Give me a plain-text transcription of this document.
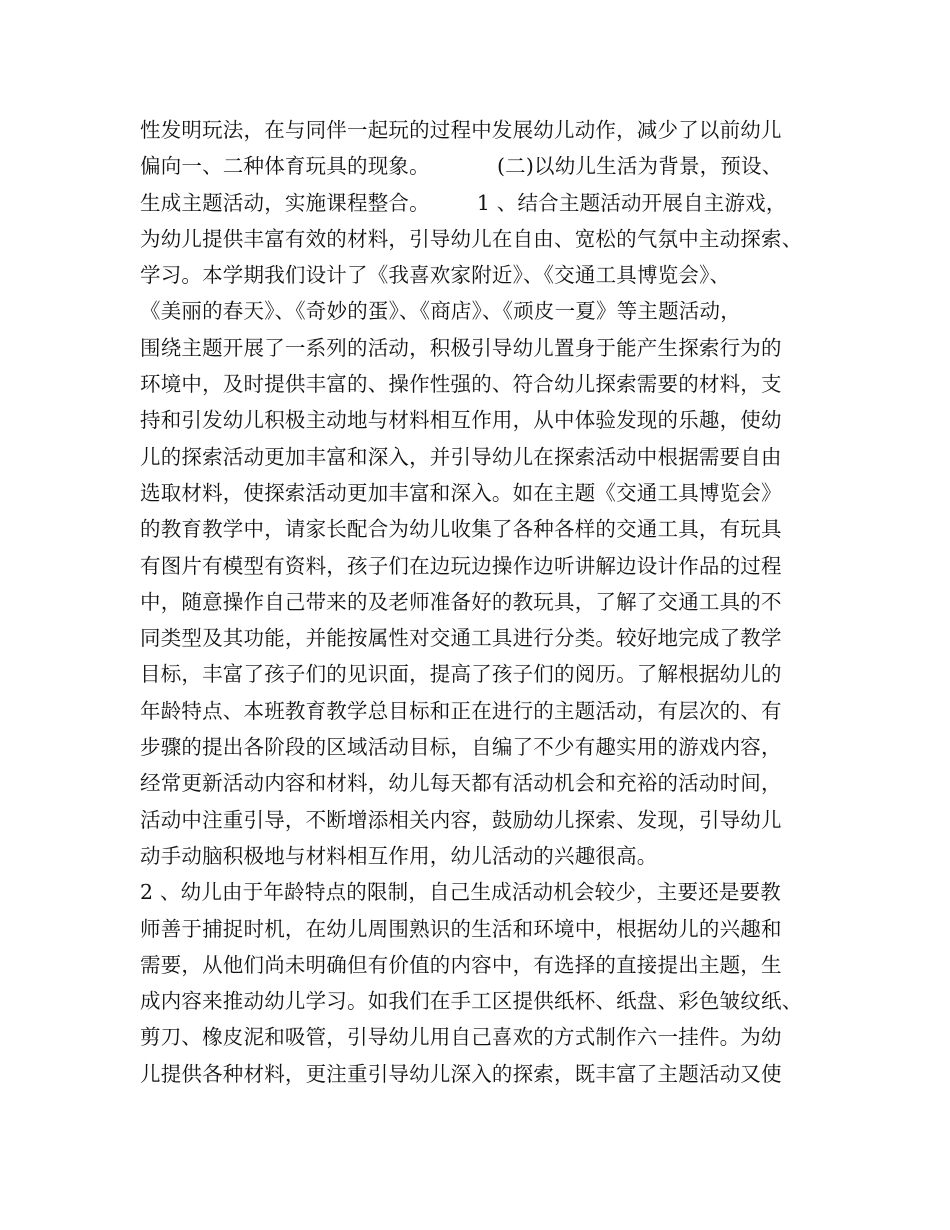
性发明玩法，在与同伴一起玩的过程中发展幼儿动作，减少了以前幼儿
偏向一、二种体育玩具的现象。          (二)以幼儿生活为背景，预设、
生成主题活动，实施课程整合。       1 、结合主题活动开展自主游戏，
为幼儿提供丰富有效的材料，引导幼儿在自由、宽松的气氛中主动探索、
学习。本学期我们设计了《我喜欢家附近》、《交通工具博览会》、
《美丽的春天》、《奇妙的蛋》、《商店》、《顽皮一夏》等主题活动，
围绕主题开展了一系列的活动，积极引导幼儿置身于能产生探索行为的
环境中，及时提供丰富的、操作性强的、符合幼儿探索需要的材料，支
持和引发幼儿积极主动地与材料相互作用，从中体验发现的乐趣，使幼
儿的探索活动更加丰富和深入，并引导幼儿在探索活动中根据需要自由
选取材料，使探索活动更加丰富和深入。如在主题《交通工具博览会》
的教育教学中，请家长配合为幼儿收集了各种各样的交通工具，有玩具
有图片有模型有资料，孩子们在边玩边操作边听讲解边设计作品的过程
中，随意操作自己带来的及老师准备好的教玩具，了解了交通工具的不
同类型及其功能，并能按属性对交通工具进行分类。较好地完成了教学
目标，丰富了孩子们的见识面，提高了孩子们的阅历。了解根据幼儿的
年龄特点、本班教育教学总目标和正在进行的主题活动，有层次的、有
步骤的提出各阶段的区域活动目标，自编了不少有趣实用的游戏内容，
经常更新活动内容和材料，幼儿每天都有活动机会和充裕的活动时间，
活动中注重引导，不断增添相关内容，鼓励幼儿探索、发现，引导幼儿
动手动脑积极地与材料相互作用，幼儿活动的兴趣很高。
2 、幼儿由于年龄特点的限制，自己生成活动机会较少，主要还是要教
师善于捕捉时机，在幼儿周围熟识的生活和环境中，根据幼儿的兴趣和
需要，从他们尚未明确但有价值的内容中，有选择的直接提出主题，生
成内容来推动幼儿学习。如我们在手工区提供纸杯、纸盘、彩色皱纹纸、
剪刀、橡皮泥和吸管，引导幼儿用自己喜欢的方式制作六一挂件。为幼
儿提供各种材料，更注重引导幼儿深入的探索，既丰富了主题活动又使
